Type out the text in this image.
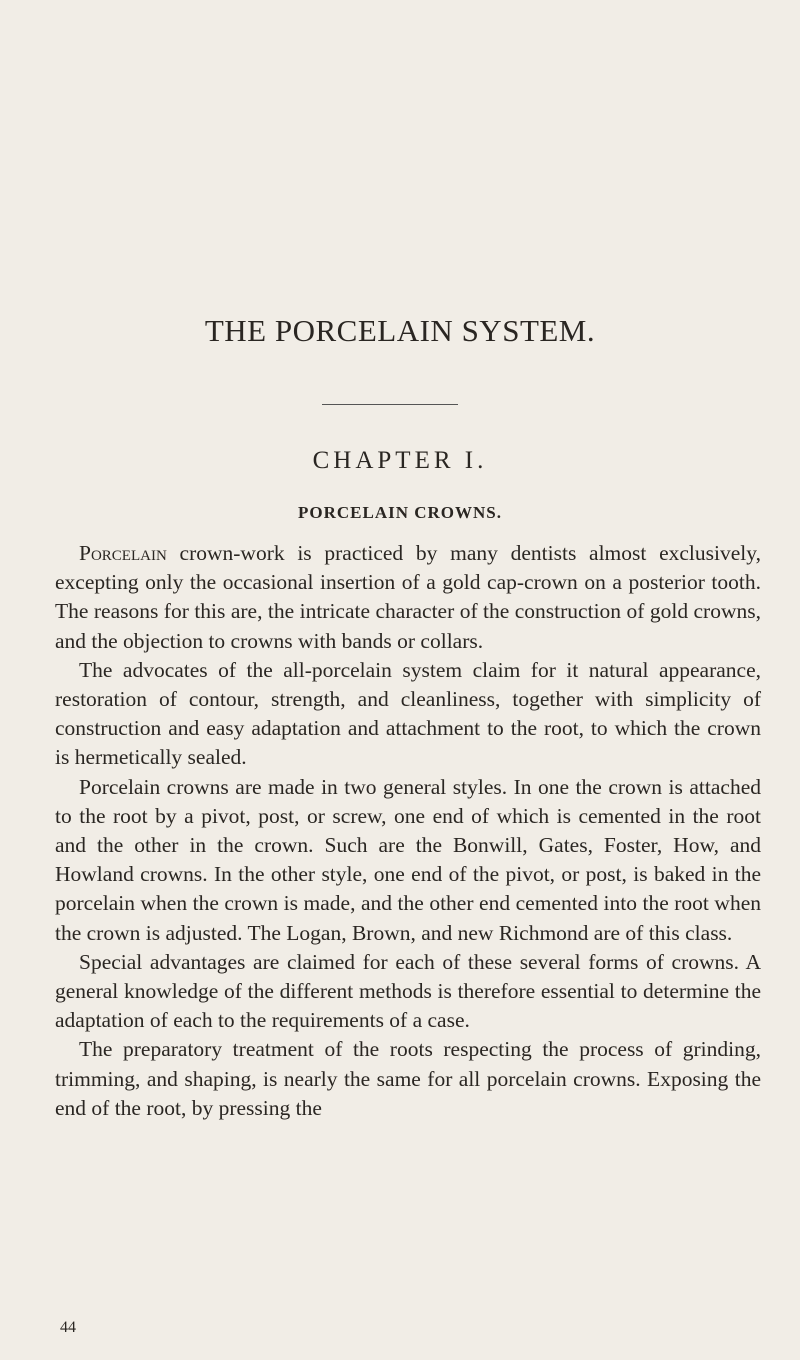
THE PORCELAIN SYSTEM.
CHAPTER I.
PORCELAIN CROWNS.

Porcelain crown-work is practiced by many dentists almost exclusively, excepting only the occasional insertion of a gold cap-crown on a posterior tooth. The reasons for this are, the intricate character of the construction of gold crowns, and the objection to crowns with bands or collars.

The advocates of the all-porcelain system claim for it natural appearance, restoration of contour, strength, and cleanliness, together with simplicity of construction and easy adaptation and attachment to the root, to which the crown is hermetically sealed.

Porcelain crowns are made in two general styles. In one the crown is attached to the root by a pivot, post, or screw, one end of which is cemented in the root and the other in the crown. Such are the Bonwill, Gates, Foster, How, and Howland crowns. In the other style, one end of the pivot, or post, is baked in the porcelain when the crown is made, and the other end cemented into the root when the crown is adjusted. The Logan, Brown, and new Richmond are of this class.

Special advantages are claimed for each of these several forms of crowns. A general knowledge of the different methods is therefore essential to determine the adaptation of each to the requirements of a case.

The preparatory treatment of the roots respecting the process of grinding, trimming, and shaping, is nearly the same for all porcelain crowns. Exposing the end of the root, by pressing the

44
